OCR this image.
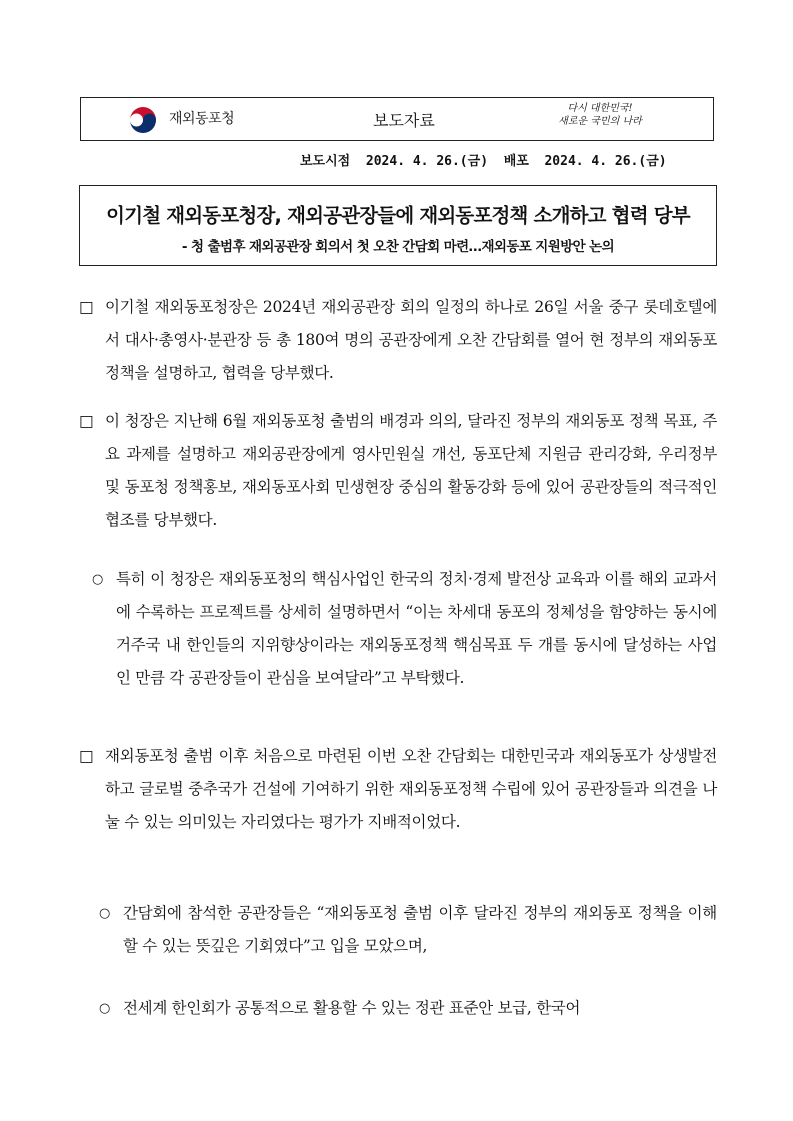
재외동포청	보도자료
다시 대한민국!
새로운 국민의 나라
보도시점 2024. 4. 26.(금) 배포 2024. 4. 26.(금)
이기철 재외동포청장, 재외공관장들에 재외동포정책 소개하고 협력 당부
- 청 출범후 재외공관장 회의서 첫 오찬 간담회 마련…재외동포 지원방안 논의
□ 이기철 재외동포청장은 2024년 재외공관장 회의 일정의 하나로 26일 서울 중구 롯데호텔에서 대사·총영사·분관장 등 총 180여 명의 공관장에게 오찬 간담회를 열어 현 정부의 재외동포 정책을 설명하고, 협력을 당부했다.
□ 이 청장은 지난해 6월 재외동포청 출범의 배경과 의의, 달라진 정부의 재외동포 정책 목표, 주요 과제를 설명하고 재외공관장에게 영사민원실 개선, 동포단체 지원금 관리강화, 우리정부 및 동포청 정책홍보, 재외동포사회 민생현장 중심의 활동강화 등에 있어 공관장들의 적극적인 협조를 당부했다.
○ 특히 이 청장은 재외동포청의 핵심사업인 한국의 정치·경제 발전상 교육과 이를 해외 교과서에 수록하는 프로젝트를 상세히 설명하면서 “이는 차세대 동포의 정체성을 함양하는 동시에 거주국 내 한인들의 지위향상이라는 재외동포정책 핵심목표 두 개를 동시에 달성하는 사업인 만큼 각 공관장들이 관심을 보여달라”고 부탁했다.
□ 재외동포청 출범 이후 처음으로 마련된 이번 오찬 간담회는 대한민국과 재외동포가 상생발전하고 글로벌 중추국가 건설에 기여하기 위한 재외동포정책 수립에 있어 공관장들과 의견을 나눌 수 있는 의미있는 자리였다는 평가가 지배적이었다.
○ 간담회에 참석한 공관장들은 “재외동포청 출범 이후 달라진 정부의 재외동포 정책을 이해할 수 있는 뜻깊은 기회였다”고 입을 모았으며,
○ 전세계 한인회가 공통적으로 활용할 수 있는 정관 표준안 보급, 한국어
